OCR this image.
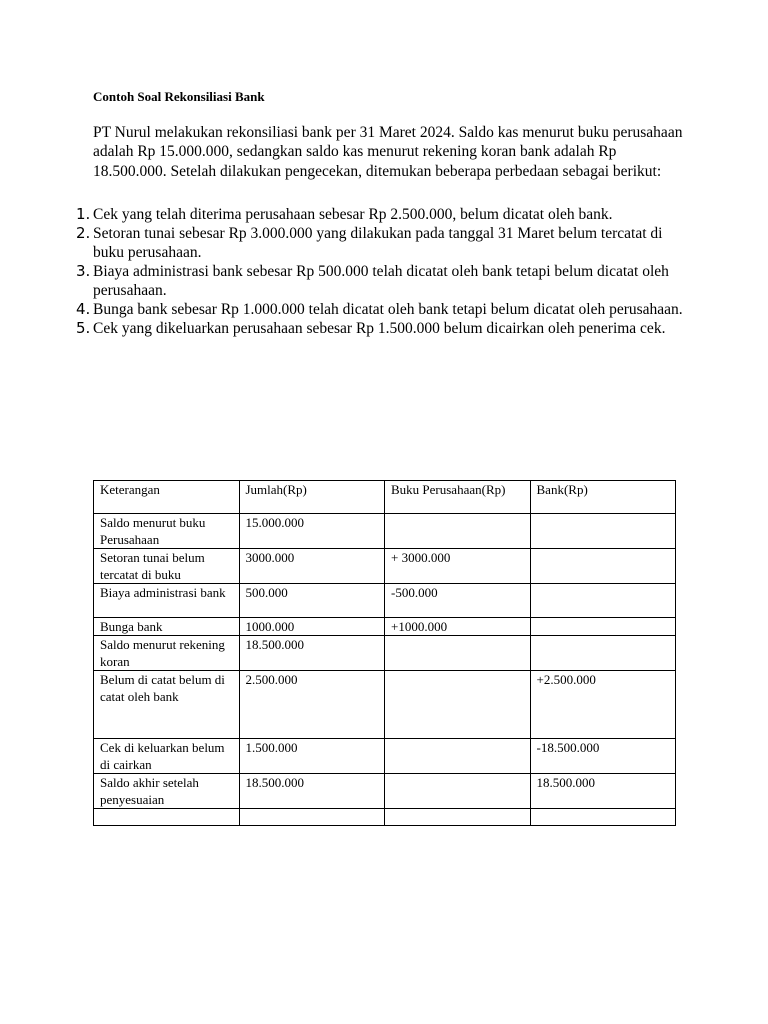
Contoh Soal Rekonsiliasi Bank
PT Nurul melakukan rekonsiliasi bank per 31 Maret 2024. Saldo kas menurut buku perusahaan adalah Rp 15.000.000, sedangkan saldo kas menurut rekening koran bank adalah Rp 18.500.000. Setelah dilakukan pengecekan, ditemukan beberapa perbedaan sebagai berikut:
1. Cek yang telah diterima perusahaan sebesar Rp 2.500.000, belum dicatat oleh bank.
2. Setoran tunai sebesar Rp 3.000.000 yang dilakukan pada tanggal 31 Maret belum tercatat di buku perusahaan.
3. Biaya administrasi bank sebesar Rp 500.000 telah dicatat oleh bank tetapi belum dicatat oleh perusahaan.
4. Bunga bank sebesar Rp 1.000.000 telah dicatat oleh bank tetapi belum dicatat oleh perusahaan.
5. Cek yang dikeluarkan perusahaan sebesar Rp 1.500.000 belum dicairkan oleh penerima cek.
Keterangan	Jumlah(Rp)	Buku Perusahaan(Rp)	Bank(Rp)
Saldo menurut buku Perusahaan	15.000.000		
Setoran tunai belum tercatat di buku	3000.000	+ 3000.000	
Biaya administrasi bank	500.000	-500.000	
Bunga bank	1000.000	+1000.000	
Saldo menurut rekening koran	18.500.000		
Belum di catat belum di catat oleh bank	2.500.000		+2.500.000
Cek di keluarkan belum di cairkan	1.500.000		-18.500.000
Saldo akhir setelah penyesuaian	18.500.000		18.500.000
